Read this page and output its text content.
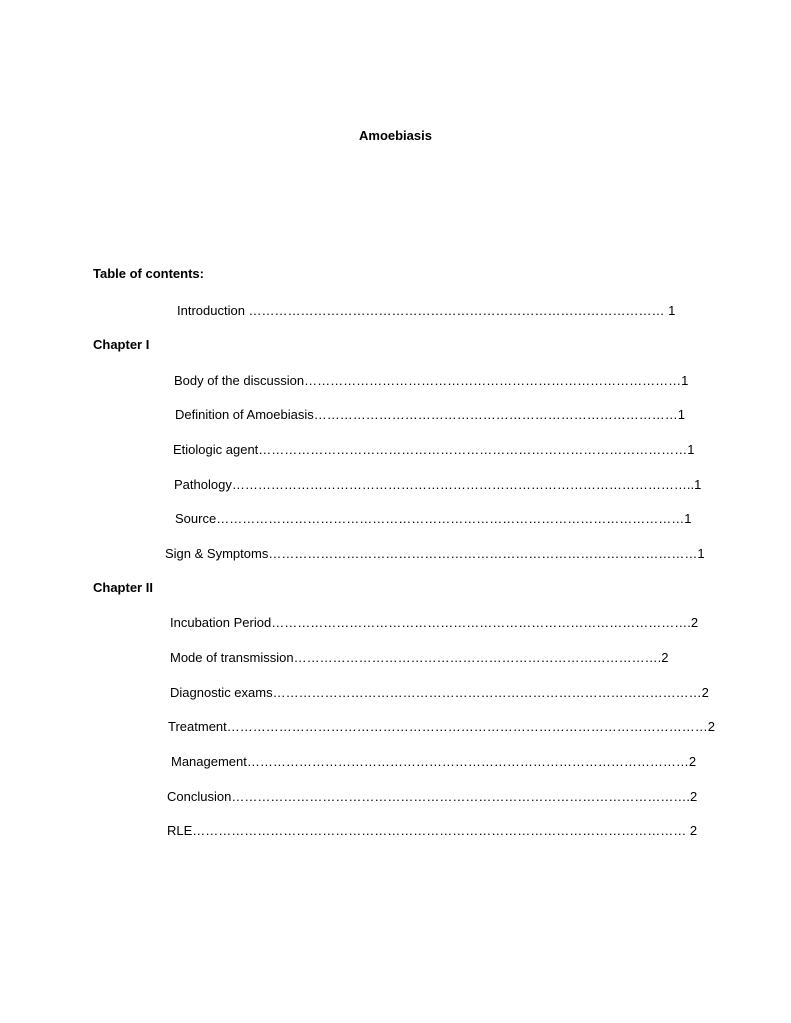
Amoebiasis
Table of contents:
Introduction …………………………………………………………………………………… 1
Chapter I
Body of the discussion……………………………………………………………………………1
Definition of Amoebiasis…………………………………………………………………………1
Etiologic agent………………………………………………………………………………………1
Pathology……………………………………………………………………………………………..1
Source………………………………………………………………………………………………1
Sign & Symptoms………………………………………………………………………………………1
Chapter II
Incubation Period…………………………………………………………………………………….2
Mode of transmission………………………………………………………………………….2
Diagnostic exams………………………………………………………………………………………2
Treatment…………………………………………………………………………………………………2
Management…………………………………………………………………………………………2
Conclusion…………………………………………………………………………………………….2
RLE…………………………………………………………………………………………………… 2
